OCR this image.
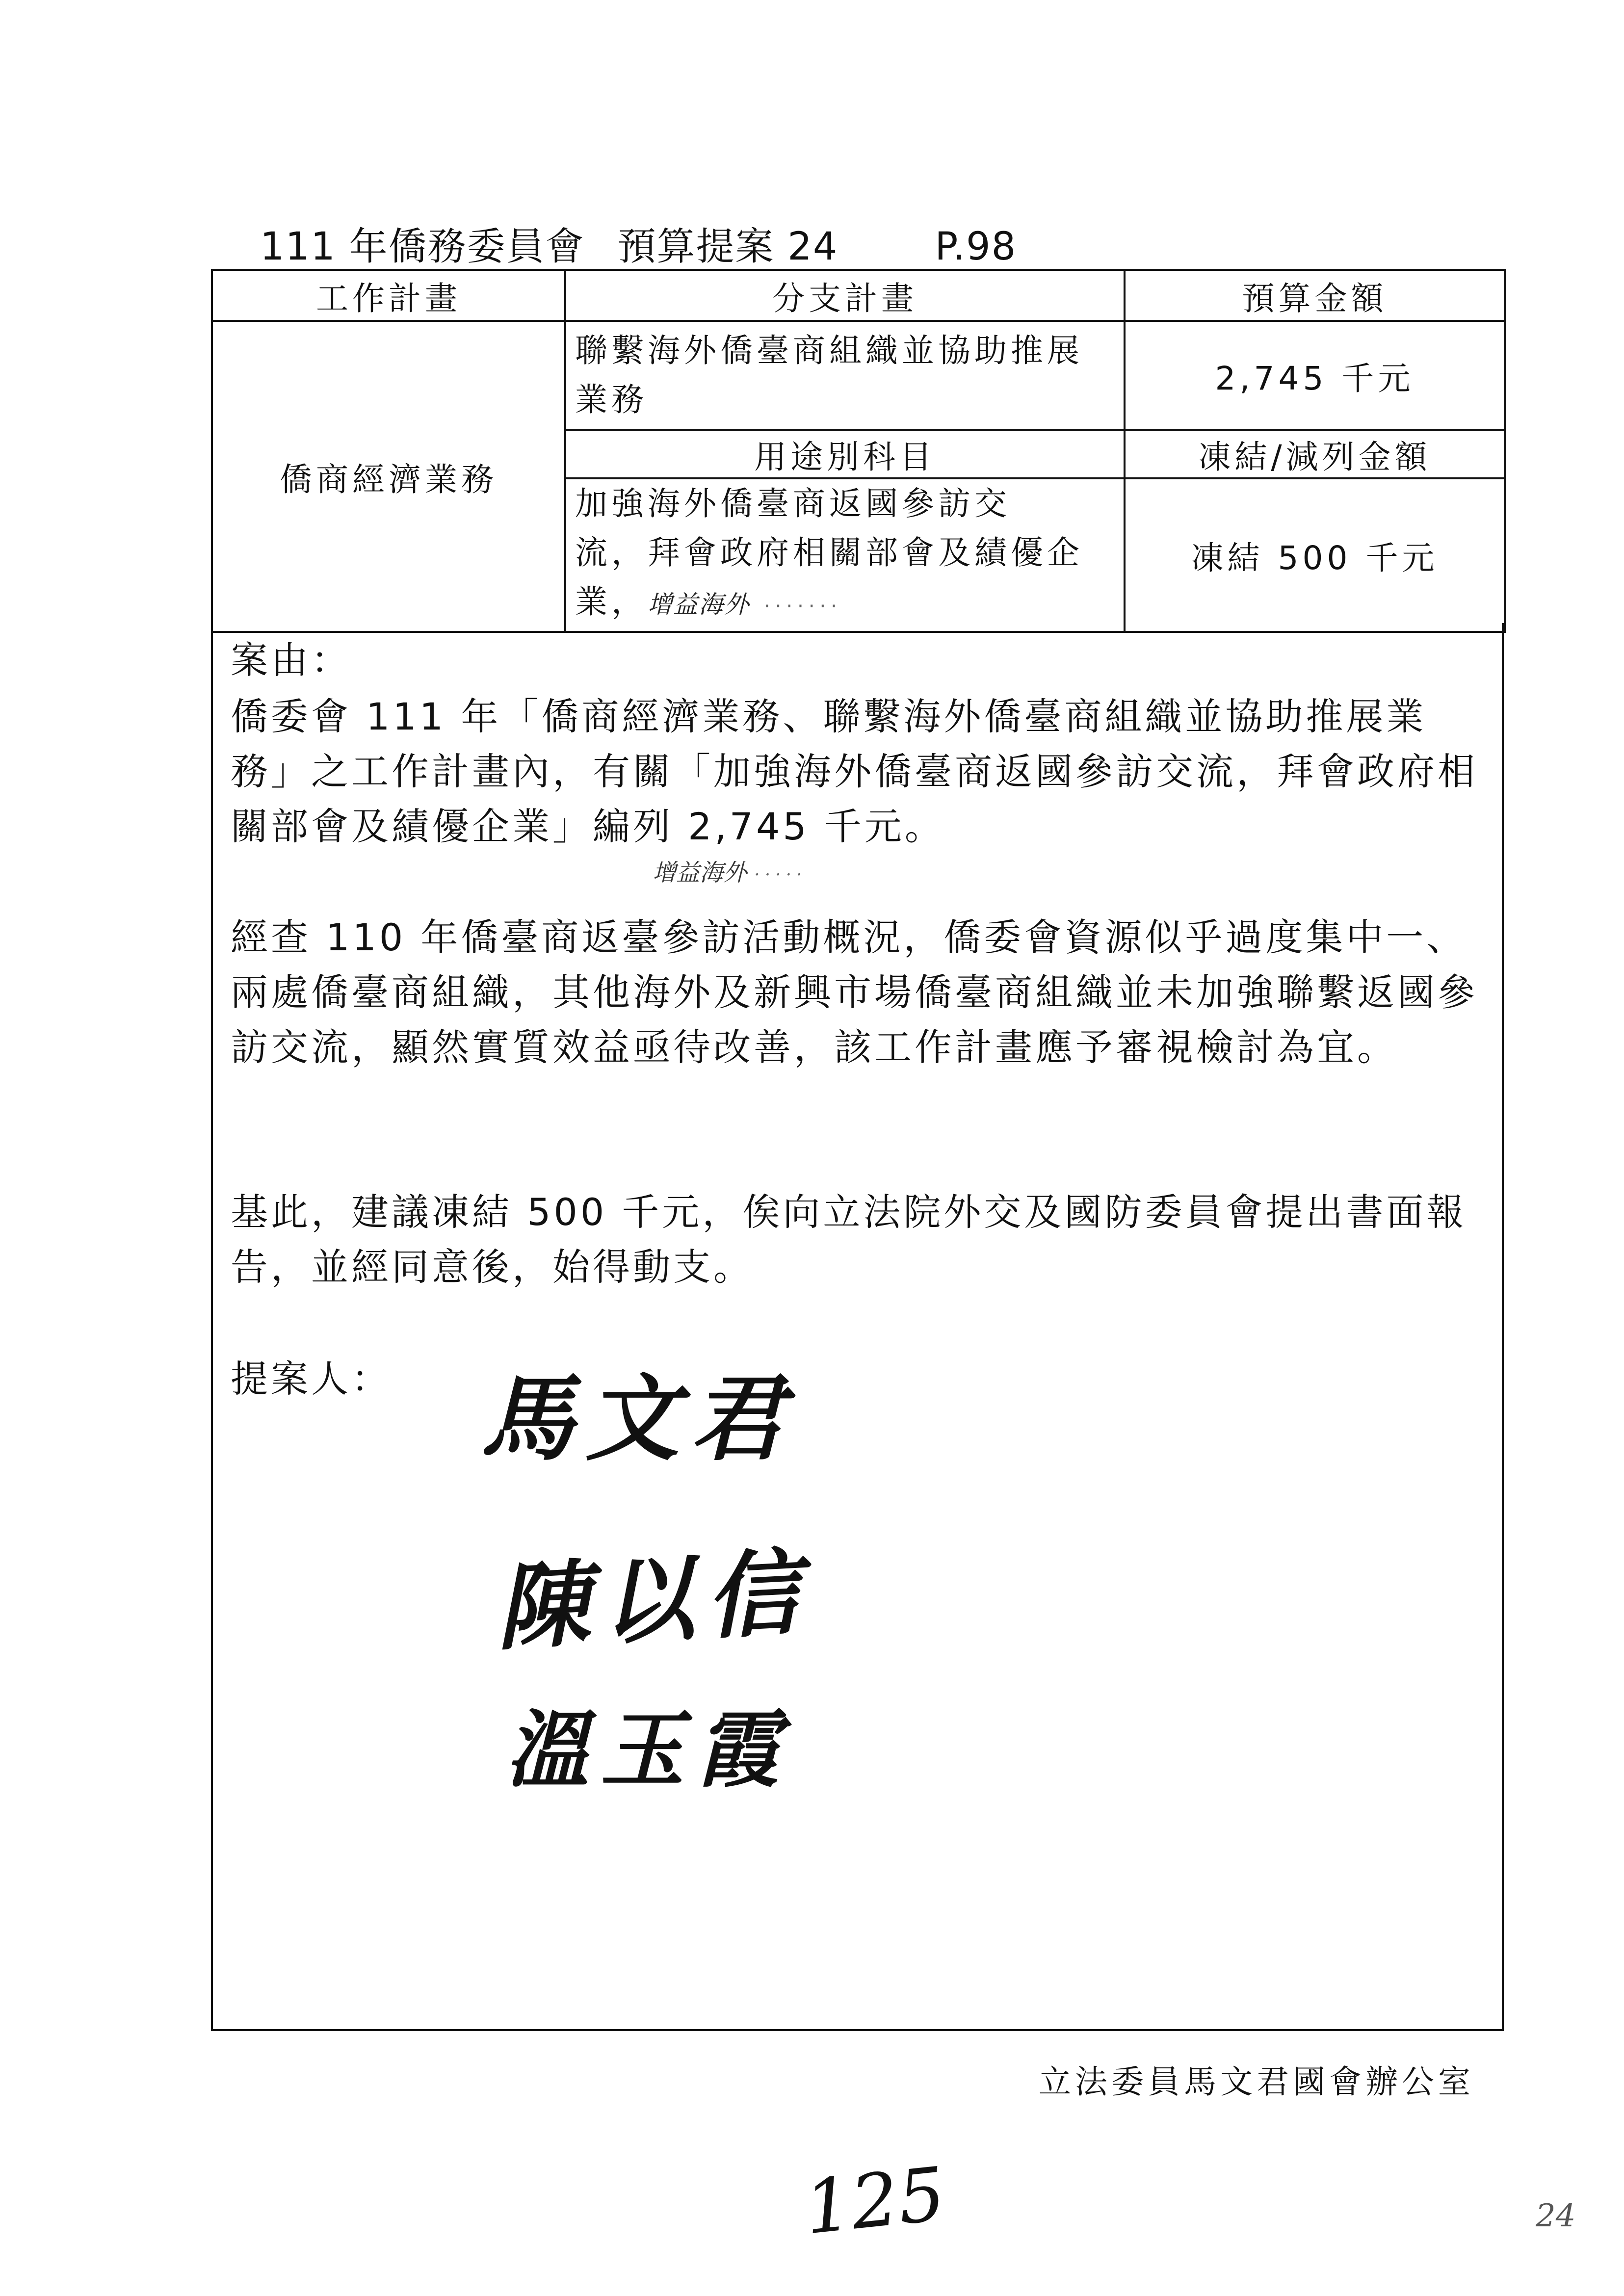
111 年僑務委員會 預算提案 24	P.98
工作計畫	分支計畫	預算金額
僑商經濟業務	聯繫海外僑臺商組織並協助推展業務	2,745 千元
	用途別科目	凍結/減列金額

	加強海外僑臺商返國參訪交
流，拜會政府相關部會及績優企
業，增益海外 ·······	凍結 500 千元
案由：
僑委會 111 年「僑商經濟業務、聯繫海外僑臺商組織並協助推展業務」之工作計畫內，有關「加強海外僑臺商返國參訪交流，拜會政府相關部會及績優企業」編列 2,745 千元。
增益海外 ·····
經查 110 年僑臺商返臺參訪活動概況，僑委會資源似乎過度集中一、兩處僑臺商組織，其他海外及新興市場僑臺商組織並未加強聯繫返國參訪交流，顯然實質效益亟待改善，該工作計畫應予審視檢討為宜。
基此，建議凍結 500 千元，俟向立法院外交及國防委員會提出書面報告，並經同意後，始得動支。
提案人： 馬文君
陳以信
溫玉霞
立法委員馬文君國會辦公室
125	24
